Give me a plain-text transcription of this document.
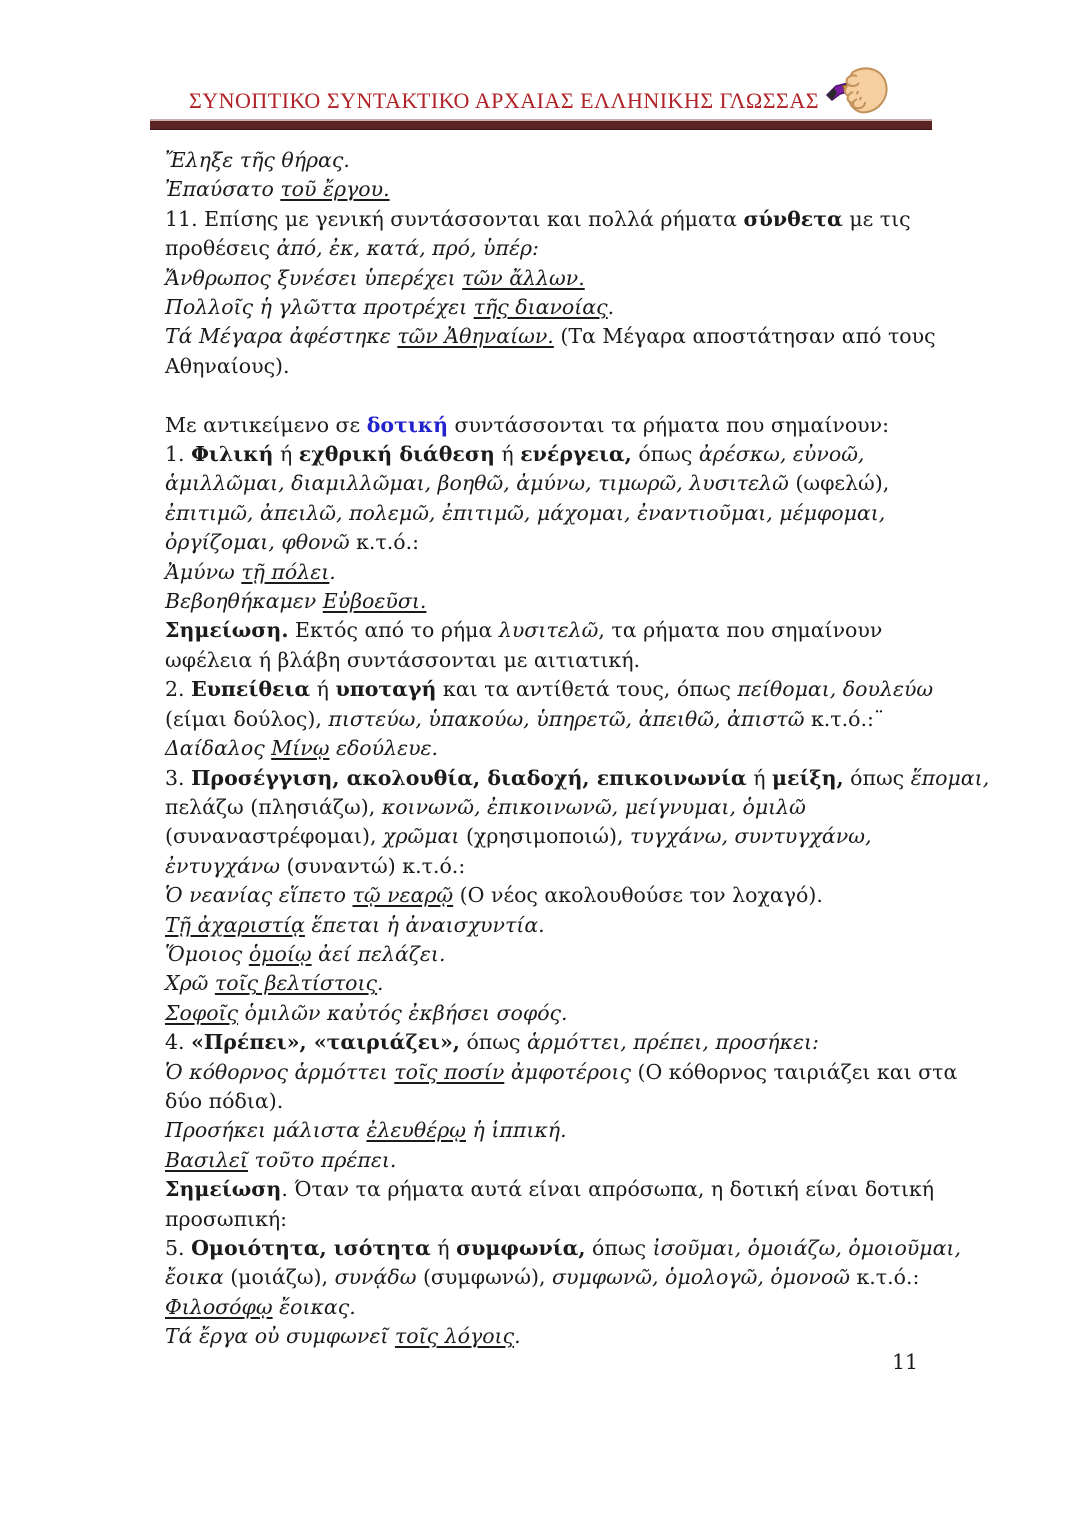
ΣΥΝΟΠΤΙΚΟ ΣΥΝΤΑΚΤΙΚΟ ΑΡΧΑΙΑΣ ΕΛΛΗΝΙΚΗΣ ΓΛΩΣΣΑΣ

Ἔληξε τῆς θήρας.

Ἐπαύσατο τοῦ ἔργου.

11. Επίσης με γενική συντάσσονται και πολλά ρήματα σύνθετα με τις

προθέσεις ἀπό, ἐκ, κατά, πρό, ὑπέρ:

Ἄνθρωπος ξυνέσει ὑπερέχει τῶν ἄλλων.

Πολλοῖς ἡ γλῶττα προτρέχει τῆς διανοίας.

Τά Μέγαρα ἀφέστηκε τῶν Ἀθηναίων. (Τα Μέγαρα αποστάτησαν από τους

Αθηναίους).

Με αντικείμενο σε δοτική συντάσσονται τα ρήματα που σημαίνουν:

1. Φιλική ή εχθρική διάθεση ή ενέργεια, όπως ἀρέσκω, εὐνοῶ,

ἁμιλλῶμαι, διαμιλλῶμαι, βοηθῶ, ἀμύνω, τιμωρῶ, λυσιτελῶ (ωφελώ),

ἐπιτιμῶ, ἀπειλῶ, πολεμῶ, ἐπιτιμῶ, μάχομαι, ἐναντιοῦμαι, μέμφομαι,

ὀργίζομαι, φθονῶ κ.τ.ό.:

Ἀμύνω τῇ πόλει.

Βεβοηθήκαμεν Εὐβοεῦσι.

Σημείωση. Εκτός από το ρήμα λυσιτελῶ, τα ρήματα που σημαίνουν

ωφέλεια ή βλάβη συντάσσονται με αιτιατική.

2. Ευπείθεια ή υποταγή και τα αντίθετά τους, όπως πείθομαι, δουλεύω

(είμαι δούλος), πιστεύω, ὑπακούω, ὑπηρετῶ, ἀπειθῶ, ἀπιστῶ κ.τ.ό.:¨

Δαίδαλος Μίνῳ εδούλευε.

3. Προσέγγιση, ακολουθία, διαδοχή, επικοινωνία ή μείξη, όπως ἕπομαι,

πελάζω (πλησιάζω), κοινωνῶ, ἐπικοινωνῶ, μείγνυμαι, ὁμιλῶ

(συναναστρέφομαι), χρῶμαι (χρησιμοποιώ), τυγχάνω, συντυγχάνω,

ἐντυγχάνω (συναντώ) κ.τ.ό.:

Ὁ νεανίας εἵπετο τῷ νεαρῷ (Ο νέος ακολουθούσε τον λοχαγό).

Τῇ ἀχαριστίᾳ ἕπεται ἡ ἀναισχυντία.

Ὅμοιος ὁμοίῳ ἀεί πελάζει.

Χρῶ τοῖς βελτίστοις.

Σοφοῖς ὁμιλῶν καὐτός ἐκβήσει σοφός.

4. «Πρέπει», «ταιριάζει», όπως ἁρμόττει, πρέπει, προσήκει:

Ὁ κόθορνος ἁρμόττει τοῖς ποσίν ἀμφοτέροις (Ο κόθορνος ταιριάζει και στα

δύο πόδια).

Προσήκει μάλιστα ἐλευθέρῳ ἡ ἱππική.

Βασιλεῖ τοῦτο πρέπει.

Σημείωση. Όταν τα ρήματα αυτά είναι απρόσωπα, η δοτική είναι δοτική

προσωπική:

5. Ομοιότητα, ισότητα ή συμφωνία, όπως ἰσοῦμαι, ὁμοιάζω, ὁμοιοῦμαι,

ἔοικα (μοιάζω), συνᾴδω (συμφωνώ), συμφωνῶ, ὁμολογῶ, ὁμονοῶ κ.τ.ό.:

Φιλοσόφῳ ἔοικας.

Τά ἔργα οὐ συμφωνεῖ τοῖς λόγοις.

11
